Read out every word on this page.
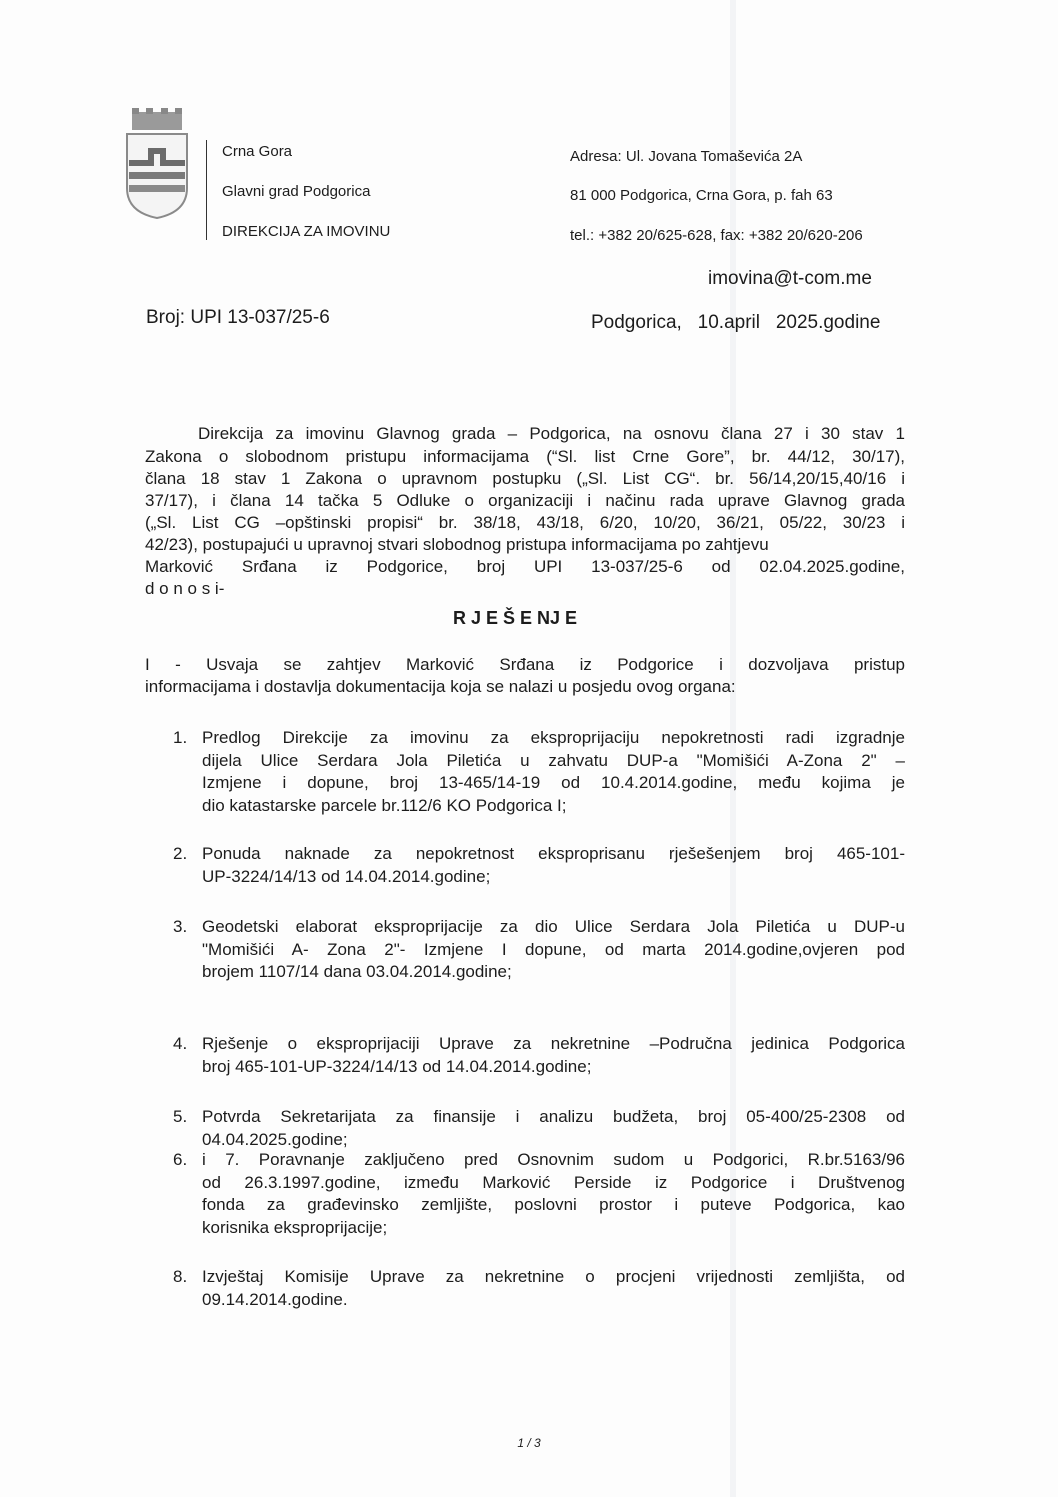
Crna Gora
Glavni grad Podgorica
DIREKCIJA ZA IMOVINU
Adresa: Ul. Jovana Tomaševića 2A
81 000 Podgorica, Crna Gora, p. fah 63
tel.: +382 20/625-628, fax: +382 20/620-206
imovina@t-com.me
Broj: UPI 13-037/25-6	Podgorica,   10.april   2025.godine
Direkcija za imovinu Glavnog grada – Podgorica, na osnovu člana 27 i 30 stav 1
Zakona o slobodnom pristupu informacijama (“Sl. list Crne Gore”, br. 44/12, 30/17),
člana 18 stav 1 Zakona o upravnom postupku („Sl. List CG“. br. 56/14,20/15,40/16 i
37/17), i člana 14 tačka 5 Odluke o organizaciji i načinu rada uprave Glavnog grada
(„Sl. List CG –opštinski propisi“ br. 38/18, 43/18, 6/20, 10/20, 36/21, 05/22, 30/23 i
42/23), postupajući u upravnoj stvari slobodnog pristupa informacijama po zahtjevu
Marković Srđana iz Podgorice, broj UPI 13-037/25-6 od 02.04.2025.godine,
d o n o s i-
R J E Š E NJ E
I - Usvaja se zahtjev Marković Srđana iz Podgorice i dozvoljava pristup
informacijama i dostavlja dokumentacija koja se nalazi u posjedu ovog organa:
1. Predlog Direkcije za imovinu za eksproprijaciju nepokretnosti radi izgradnje
dijela Ulice Serdara Jola Piletića u zahvatu DUP-a "Momišići A-Zona 2" –
Izmjene i dopune, broj 13-465/14-19 od 10.4.2014.godine, među kojima je
dio katastarske parcele br.112/6 KO Podgorica I;
2. Ponuda naknade za nepokretnost eksproprisanu rješešenjem broj 465-101-
UP-3224/14/13 od 14.04.2014.godine;
3. Geodetski elaborat eksproprijacije za dio Ulice Serdara Jola Piletića u DUP-u
"Momišići A- Zona 2"- Izmjene I dopune, od marta 2014.godine,ovjeren pod
brojem 1107/14 dana 03.04.2014.godine;
4. Rješenje o eksproprijaciji Uprave za nekretnine –Područna jedinica Podgorica
broj 465-101-UP-3224/14/13 od 14.04.2014.godine;
5. Potvrda Sekretarijata za finansije i analizu budžeta, broj 05-400/25-2308 od
04.04.2025.godine;
6. i 7. Poravnanje zaključeno pred Osnovnim sudom u Podgorici, R.br.5163/96
od 26.3.1997.godine, između Marković Perside iz Podgorice i Društvenog
fonda za građevinsko zemljište, poslovni prostor i puteve Podgorica, kao
korisnika eksproprijacije;
8. Izvještaj Komisije Uprave za nekretnine o procjeni vrijednosti zemljišta, od
09.14.2014.godine.
1 / 3
